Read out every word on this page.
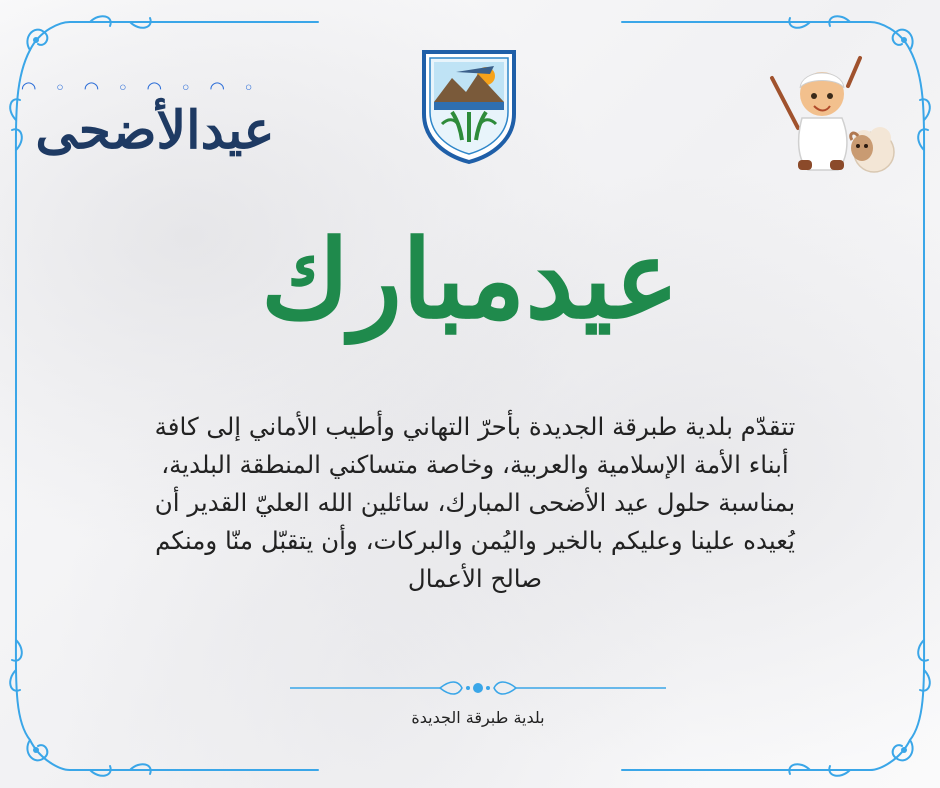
◦ ◠ ◦ ◠ ◦ ◠ ◦ ◠
عيدالأضحى
عيدمبارك

تتقدّم بلدية طبرقة الجديدة بأحرّ التهاني وأطيب الأماني إلى كافة
أبناء الأمة الإسلامية والعربية، وخاصة متساكني المنطقة البلدية،
بمناسبة حلول عيد الأضحى المبارك، سائلين الله العليّ القدير أن
يُعيده علينا وعليكم بالخير واليُمن والبركات، وأن يتقبّل منّا ومنكم
صالح الأعمال

بلدية طبرقة الجديدة
